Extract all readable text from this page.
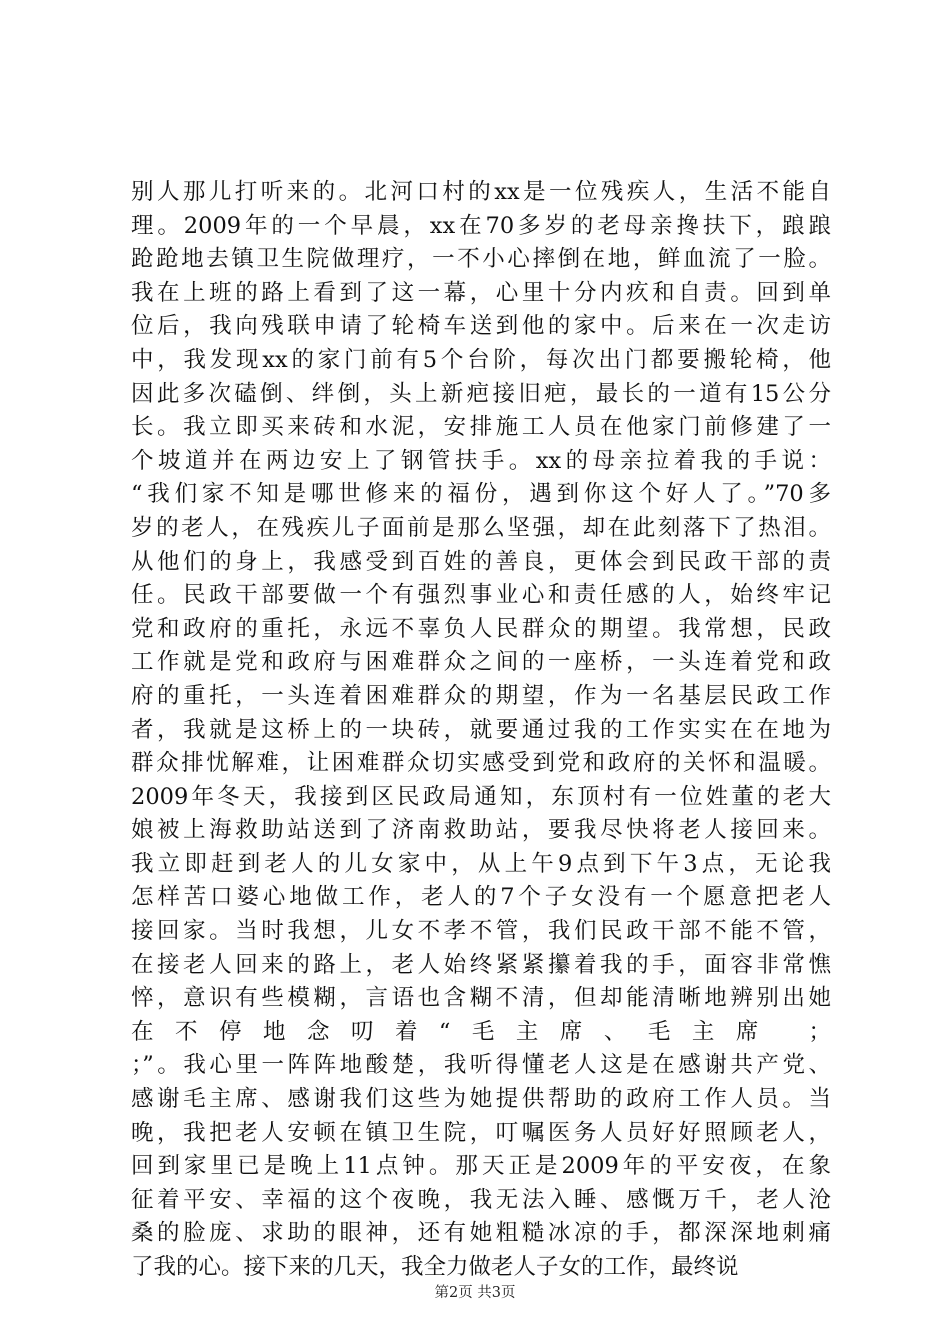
别人那儿打听来的。北河口村的xx是一位残疾人，生活不能自
理。2009年的一个早晨，xx在70多岁的老母亲搀扶下，踉踉
跄跄地去镇卫生院做理疗，一不小心摔倒在地，鲜血流了一脸。
我在上班的路上看到了这一幕，心里十分内疚和自责。回到单
位后，我向残联申请了轮椅车送到他的家中。后来在一次走访
中，我发现xx的家门前有5个台阶，每次出门都要搬轮椅，他
因此多次磕倒、绊倒，头上新疤接旧疤，最长的一道有15公分
长。我立即买来砖和水泥，安排施工人员在他家门前修建了一
个坡道并在两边安上了钢管扶手。xx的母亲拉着我的手说：
“我们家不知是哪世修来的福份，遇到你这个好人了。”70多
岁的老人，在残疾儿子面前是那么坚强，却在此刻落下了热泪。
从他们的身上，我感受到百姓的善良，更体会到民政干部的责
任。民政干部要做一个有强烈事业心和责任感的人，始终牢记
党和政府的重托，永远不辜负人民群众的期望。我常想，民政
工作就是党和政府与困难群众之间的一座桥，一头连着党和政
府的重托，一头连着困难群众的期望，作为一名基层民政工作
者，我就是这桥上的一块砖，就要通过我的工作实实在在地为
群众排忧解难，让困难群众切实感受到党和政府的关怀和温暖。
2009年冬天，我接到区民政局通知，东顶村有一位姓董的老大
娘被上海救助站送到了济南救助站，要我尽快将老人接回来。
我立即赶到老人的儿女家中，从上午9点到下午3点，无论我
怎样苦口婆心地做工作，老人的7个子女没有一个愿意把老人
接回家。当时我想，儿女不孝不管，我们民政干部不能不管，
在接老人回来的路上，老人始终紧紧攥着我的手，面容非常憔
悴，意识有些模糊，言语也含糊不清，但却能清晰地辨别出她
在不停地念叨着“毛主席、毛主席 ；
；”。我心里一阵阵地酸楚，我听得懂老人这是在感谢共产党、
感谢毛主席、感谢我们这些为她提供帮助的政府工作人员。当
晚，我把老人安顿在镇卫生院，叮嘱医务人员好好照顾老人，
回到家里已是晚上11点钟。那天正是2009年的平安夜，在象
征着平安、幸福的这个夜晚，我无法入睡、感慨万千，老人沧
桑的脸庞、求助的眼神，还有她粗糙冰凉的手，都深深地刺痛
了我的心。接下来的几天，我全力做老人子女的工作，最终说
第2页 共3页
